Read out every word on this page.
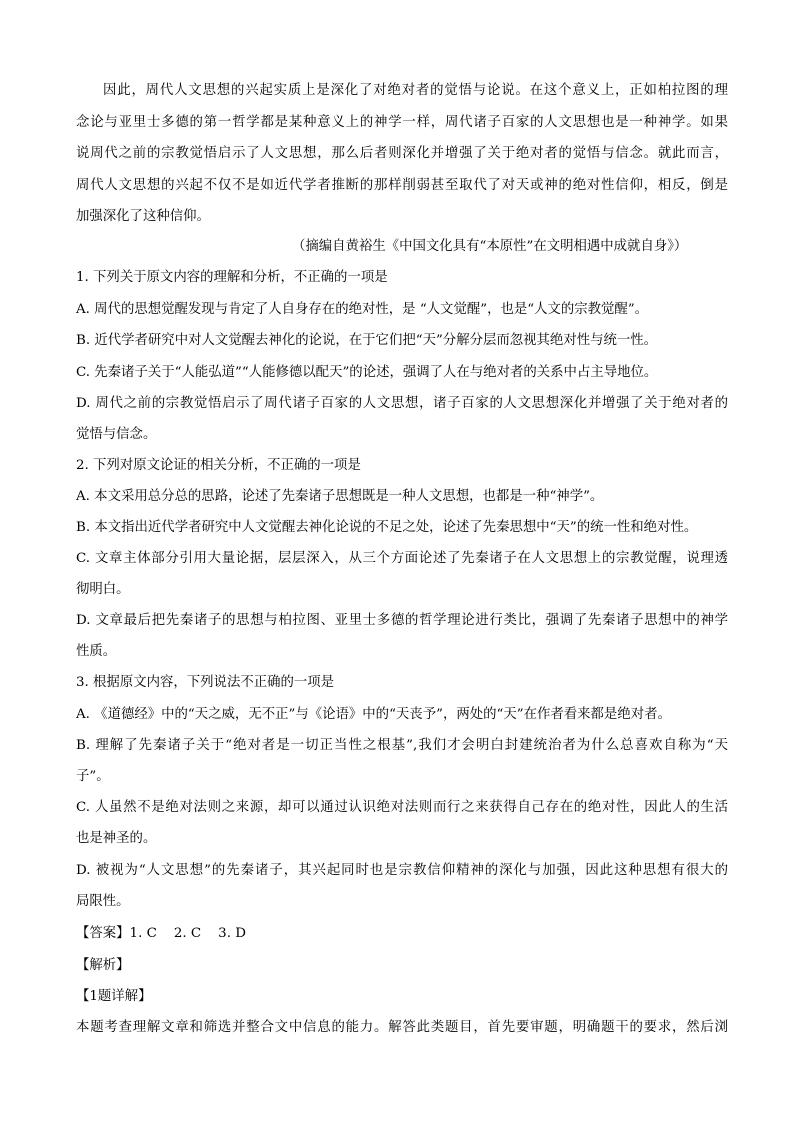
因此，周代人文思想的兴起实质上是深化了对绝对者的觉悟与论说。在这个意义上，正如柏拉图的理
念论与亚里士多德的第一哲学都是某种意义上的神学一样，周代诸子百家的人文思想也是一种神学。如果
说周代之前的宗教觉悟启示了人文思想，那么后者则深化并增强了关于绝对者的觉悟与信念。就此而言，
周代人文思想的兴起不仅不是如近代学者推断的那样削弱甚至取代了对天或神的绝对性信仰，相反，倒是
加强深化了这种信仰。
（摘编自黄裕生《中国文化具有“本原性”在文明相遇中成就自身》）
1. 下列关于原文内容的理解和分析，不正确的一项是
A. 周代的思想觉醒发现与肯定了人自身存在的绝对性，是 “人文觉醒”，也是“人文的宗教觉醒”。
B. 近代学者研究中对人文觉醒去神化的论说，在于它们把“天”分解分层而忽视其绝对性与统一性。
C. 先秦诸子关于“人能弘道”“人能修德以配天”的论述，强调了人在与绝对者的关系中占主导地位。
D. 周代之前的宗教觉悟启示了周代诸子百家的人文思想，诸子百家的人文思想深化并增强了关于绝对者的
觉悟与信念。
2. 下列对原文论证的相关分析，不正确的一项是
A. 本文采用总分总的思路，论述了先秦诸子思想既是一种人文思想，也都是一种“神学”。
B. 本文指出近代学者研究中人文觉醒去神化论说的不足之处，论述了先秦思想中“天”的统一性和绝对性。
C. 文章主体部分引用大量论据，层层深入，从三个方面论述了先秦诸子在人文思想上的宗教觉醒，说理透
彻明白。
D. 文章最后把先秦诸子的思想与柏拉图、亚里士多德的哲学理论进行类比，强调了先秦诸子思想中的神学
性质。
3. 根据原文内容，下列说法不正确的一项是
A. 《道德经》中的“天之威，无不正”与《论语》中的“天丧予”，两处的“天”在作者看来都是绝对者。
B. 理解了先秦诸子关于“绝对者是一切正当性之根基”,我们才会明白封建统治者为什么总喜欢自称为“天
子”。
C. 人虽然不是绝对法则之来源，却可以通过认识绝对法则而行之来获得自己存在的绝对性，因此人的生活
也是神圣的。
D. 被视为“人文思想”的先秦诸子，其兴起同时也是宗教信仰精神的深化与加强，因此这种思想有很大的
局限性。
【答案】1. C    2. C    3. D
【解析】
【1题详解】
本题考查理解文章和筛选并整合文中信息的能力。解答此类题目，首先要审题，明确题干的要求，然后浏
